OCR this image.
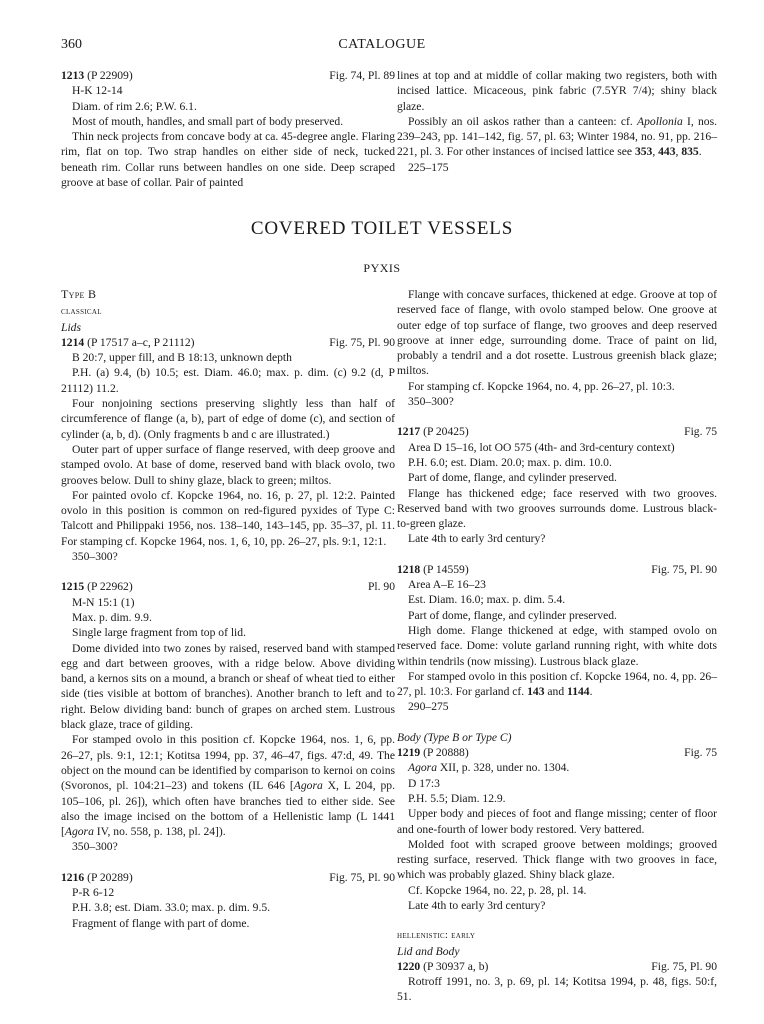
360	CATALOGUE
1213 (P 22909)	Fig. 74, Pl. 89
H-K 12-14
Diam. of rim 2.6; P.W. 6.1.

Most of mouth, handles, and small part of body preserved.

Thin neck projects from concave body at ca. 45-degree angle. Flaring rim, flat on top. Two strap handles on either side of neck, tucked beneath rim. Collar runs between handles on one side. Deep scraped groove at base of collar. Pair of painted

lines at top and at middle of collar making two registers, both with incised lattice. Micaceous, pink fabric (7.5YR 7/4); shiny black glaze.

Possibly an oil askos rather than a canteen: cf. Apollonia I, nos. 239–243, pp. 141–142, fig. 57, pl. 63; Winter 1984, no. 91, pp. 216–221, pl. 3. For other instances of incised lattice see 353, 443, 835.

225–175
COVERED TOILET VESSELS
PYXIS
Type B
classical
Lids
1214 (P 17517 a–c, P 21112)	Fig. 75, Pl. 90
B 20:7, upper fill, and B 18:13, unknown depth

P.H. (a) 9.4, (b) 10.5; est. Diam. 46.0; max. p. dim. (c) 9.2 (d, P 21112) 11.2.

Four nonjoining sections preserving slightly less than half of circumference of flange (a, b), part of edge of dome (c), and section of cylinder (a, b, d). (Only fragments b and c are illustrated.)

Outer part of upper surface of flange reserved, with deep groove and stamped ovolo. At base of dome, reserved band with black ovolo, two grooves below. Dull to shiny glaze, black to green; miltos.

For painted ovolo cf. Kopcke 1964, no. 16, p. 27, pl. 12:2. Painted ovolo in this position is common on red-figured pyxides of Type C: Talcott and Philippaki 1956, nos. 138–140, 143–145, pp. 35–37, pl. 11. For stamping cf. Kopcke 1964, nos. 1, 6, 10, pp. 26–27, pls. 9:1, 12:1.

350–300?
1215 (P 22962)	Pl. 90
M-N 15:1 (1)
Max. p. dim. 9.9.

Single large fragment from top of lid.

Dome divided into two zones by raised, reserved band with stamped egg and dart between grooves, with a ridge below. Above dividing band, a kernos sits on a mound, a branch or sheaf of wheat tied to either side (ties visible at bottom of branches). Another branch to left and to right. Below dividing band: bunch of grapes on arched stem. Lustrous black glaze, trace of gilding.

For stamped ovolo in this position cf. Kopcke 1964, nos. 1, 6, pp. 26–27, pls. 9:1, 12:1; Kotitsa 1994, pp. 37, 46–47, figs. 47:d, 49. The object on the mound can be identified by comparison to kernoi on coins (Svoronos, pl. 104:21–23) and tokens (IL 646 [Agora X, L 204, pp. 105–106, pl. 26]), which often have branches tied to either side. See also the image incised on the bottom of a Hellenistic lamp (L 1441 [Agora IV, no. 558, p. 138, pl. 24]).

350–300?
1216 (P 20289)	Fig. 75, Pl. 90
P-R 6-12
P.H. 3.8; est. Diam. 33.0; max. p. dim. 9.5.
Fragment of flange with part of dome.

Flange with concave surfaces, thickened at edge. Groove at top of reserved face of flange, with ovolo stamped below. One groove at outer edge of top surface of flange, two grooves and deep reserved groove at inner edge, surrounding dome. Trace of paint on lid, probably a tendril and a dot rosette. Lustrous greenish black glaze; miltos.

For stamping cf. Kopcke 1964, no. 4, pp. 26–27, pl. 10:3.

350–300?
1217 (P 20425)	Fig. 75
Area D 15–16, lot OO 575 (4th- and 3rd-century context)
P.H. 6.0; est. Diam. 20.0; max. p. dim. 10.0.

Part of dome, flange, and cylinder preserved.

Flange has thickened edge; face reserved with two grooves. Reserved band with two grooves surrounds dome. Lustrous black-to-green glaze.

Late 4th to early 3rd century?
1218 (P 14559)	Fig. 75, Pl. 90
Area A–E 16–23
Est. Diam. 16.0; max. p. dim. 5.4.

Part of dome, flange, and cylinder preserved.

High dome. Flange thickened at edge, with stamped ovolo on reserved face. Dome: volute garland running right, with white dots within tendrils (now missing). Lustrous black glaze.

For stamped ovolo in this position cf. Kopcke 1964, no. 4, pp. 26–27, pl. 10:3. For garland cf. 143 and 1144.

290–275
Body (Type B or Type C)
1219 (P 20888)	Fig. 75
Agora XII, p. 328, under no. 1304.
D 17:3
P.H. 5.5; Diam. 12.9.

Upper body and pieces of foot and flange missing; center of floor and one-fourth of lower body restored. Very battered.

Molded foot with scraped groove between moldings; grooved resting surface, reserved. Thick flange with two grooves in face, which was probably glazed. Shiny black glaze.

Cf. Kopcke 1964, no. 22, p. 28, pl. 14.
Late 4th to early 3rd century?
hellenistic: early
Lid and Body
1220 (P 30937 a, b)	Fig. 75, Pl. 90

Rotroff 1991, no. 3, p. 69, pl. 14; Kotitsa 1994, p. 48, figs. 50:f, 51.
